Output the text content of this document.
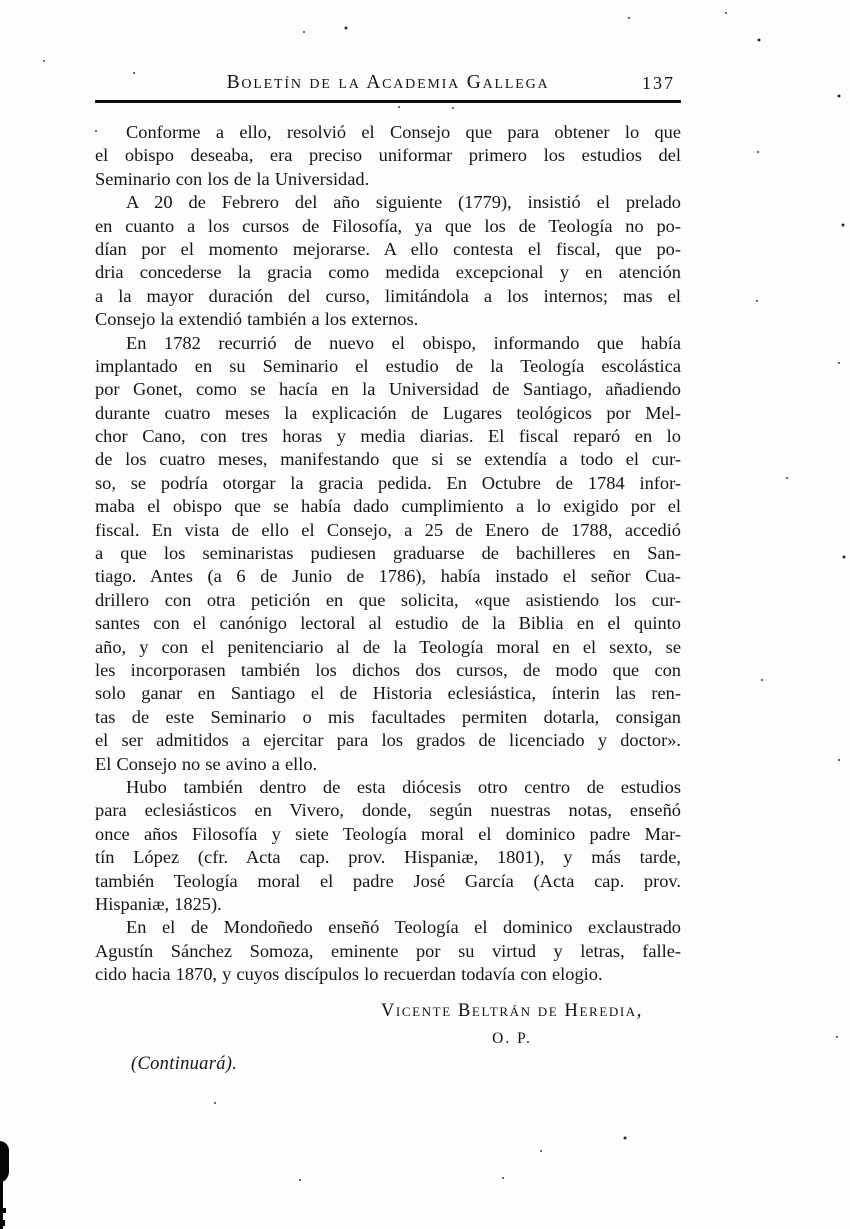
Boletín de la Academia Gallega	137
Conforme a ello, resolvió el Consejo que para obtener lo que
el obispo deseaba, era preciso uniformar primero los estudios del
Seminario con los de la Universidad.
A 20 de Febrero del año siguiente (1779), insistió el prelado
en cuanto a los cursos de Filosofía, ya que los de Teología no po-
dían por el momento mejorarse. A ello contesta el fiscal, que po-
dria concederse la gracia como medida excepcional y en atención
a la mayor duración del curso, limitándola a los internos; mas el
Consejo la extendió también a los externos.
En 1782 recurrió de nuevo el obispo, informando que había
implantado en su Seminario el estudio de la Teología escolástica
por Gonet, como se hacía en la Universidad de Santiago, añadiendo
durante cuatro meses la explicación de Lugares teológicos por Mel-
chor Cano, con tres horas y media diarias. El fiscal reparó en lo
de los cuatro meses, manifestando que si se extendía a todo el cur-
so, se podría otorgar la gracia pedida. En Octubre de 1784 infor-
maba el obispo que se había dado cumplimiento a lo exigido por el
fiscal. En vista de ello el Consejo, a 25 de Enero de 1788, accedió
a que los seminaristas pudiesen graduarse de bachilleres en San-
tiago. Antes (a 6 de Junio de 1786), había instado el señor Cua-
drillero con otra petición en que solicita, «que asistiendo los cur-
santes con el canónigo lectoral al estudio de la Biblia en el quinto
año, y con el penitenciario al de la Teología moral en el sexto, se
les incorporasen también los dichos dos cursos, de modo que con
solo ganar en Santiago el de Historia eclesiástica, ínterin las ren-
tas de este Seminario o mis facultades permiten dotarla, consigan
el ser admitidos a ejercitar para los grados de licenciado y doctor».
El Consejo no se avino a ello.
Hubo también dentro de esta diócesis otro centro de estudios
para eclesiásticos en Vivero, donde, según nuestras notas, enseñó
once años Filosofía y siete Teología moral el dominico padre Mar-
tín López (cfr. Acta cap. prov. Hispaniæ, 1801), y más tarde,
también Teología moral el padre José García (Acta cap. prov.
Hispaniæ, 1825).
En el de Mondoñedo enseñó Teología el dominico exclaustrado
Agustín Sánchez Somoza, eminente por su virtud y letras, falle-
cido hacia 1870, y cuyos discípulos lo recuerdan todavía con elogio.
Vicente Beltrán de Heredia,
O. P.
(Continuará).
